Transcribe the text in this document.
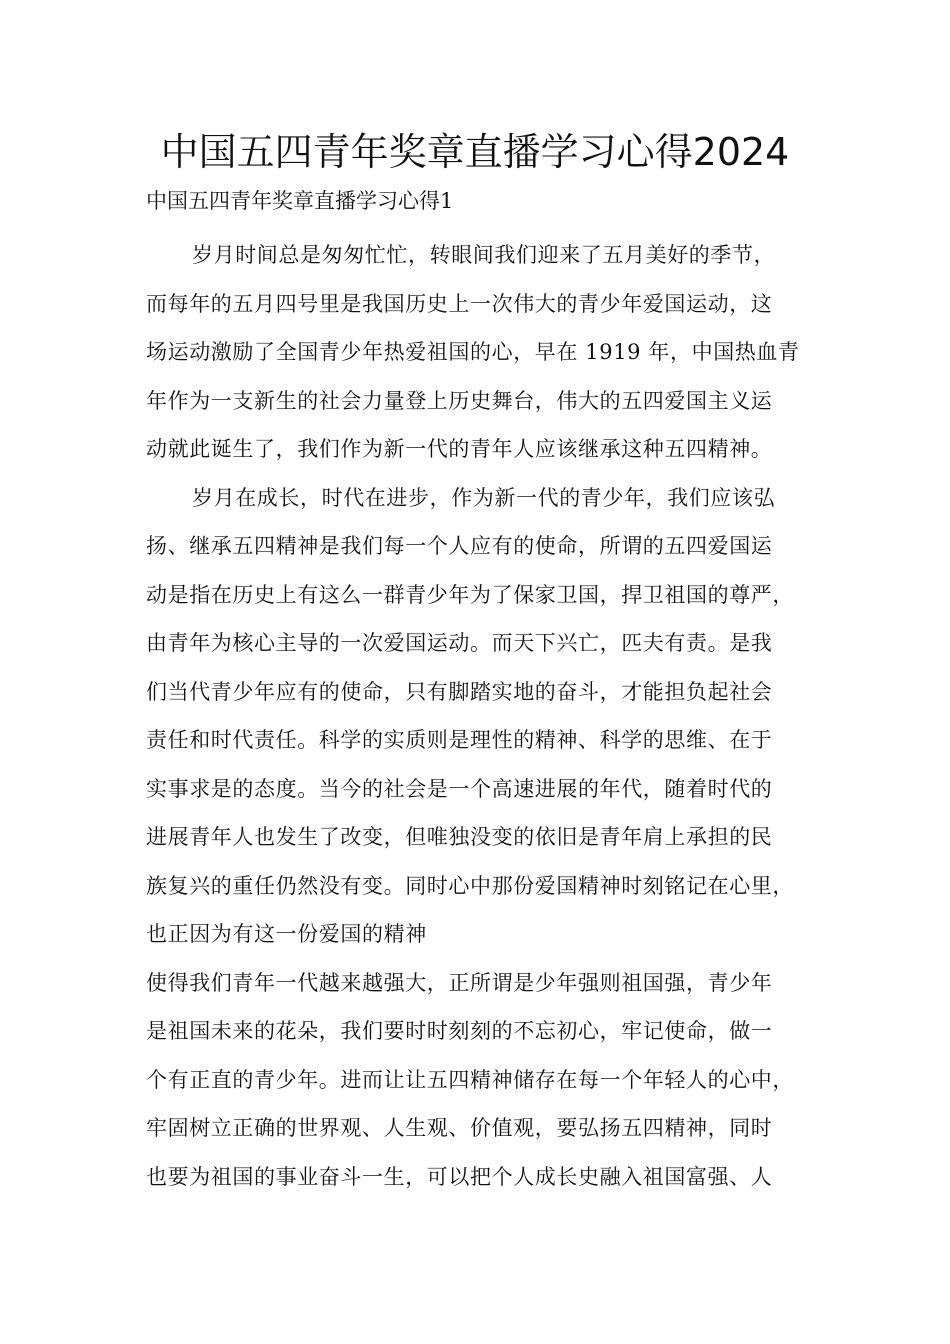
中国五四青年奖章直播学习心得2024

中国五四青年奖章直播学习心得1

岁月时间总是匆匆忙忙，转眼间我们迎来了五月美好的季节，
而每年的五月四号里是我国历史上一次伟大的青少年爱国运动，这
场运动激励了全国青少年热爱祖国的心，早在 1919 年，中国热血青
年作为一支新生的社会力量登上历史舞台，伟大的五四爱国主义运
动就此诞生了，我们作为新一代的青年人应该继承这种五四精神。
岁月在成长，时代在进步，作为新一代的青少年，我们应该弘
扬、继承五四精神是我们每一个人应有的使命，所谓的五四爱国运
动是指在历史上有这么一群青少年为了保家卫国，捍卫祖国的尊严，
由青年为核心主导的一次爱国运动。而天下兴亡，匹夫有责。是我
们当代青少年应有的使命，只有脚踏实地的奋斗，才能担负起社会
责任和时代责任。科学的实质则是理性的精神、科学的思维、在于
实事求是的态度。当今的社会是一个高速进展的年代，随着时代的
进展青年人也发生了改变，但唯独没变的依旧是青年肩上承担的民
族复兴的重任仍然没有变。同时心中那份爱国精神时刻铭记在心里，
也正因为有这一份爱国的精神
使得我们青年一代越来越强大，正所谓是少年强则祖国强，青少年
是祖国未来的花朵，我们要时时刻刻的不忘初心，牢记使命，做一
个有正直的青少年。进而让让五四精神储存在每一个年轻人的心中，
牢固树立正确的世界观、人生观、价值观，要弘扬五四精神，同时
也要为祖国的事业奋斗一生，可以把个人成长史融入祖国富强、人
